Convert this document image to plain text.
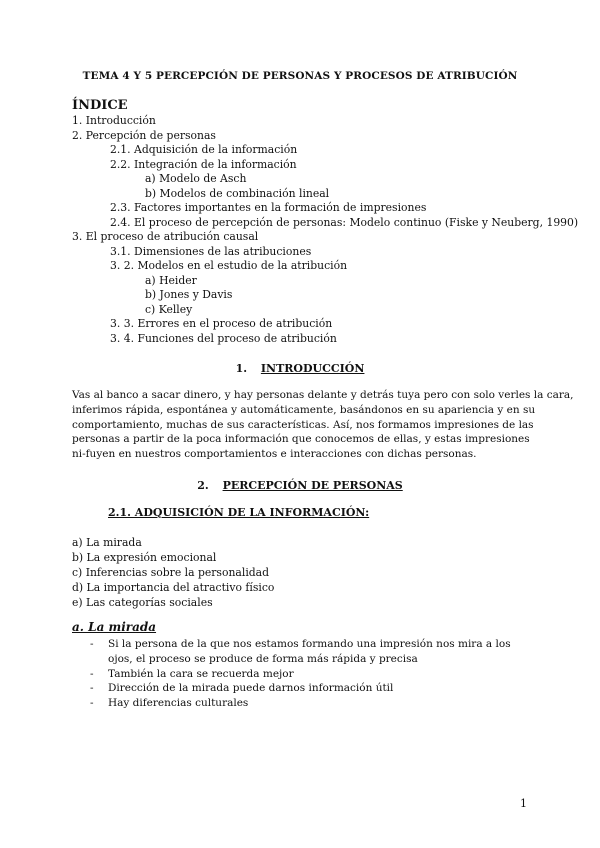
TEMA 4 Y 5 PERCEPCIÓN DE PERSONAS Y PROCESOS DE ATRIBUCIÓN
ÍNDICE
1. Introducción
2. Percepción de personas
2.1. Adquisición de la información
2.2. Integración de la información
a) Modelo de Asch
b) Modelos de combinación lineal
2.3. Factores importantes en la formación de impresiones
2.4. El proceso de percepción de personas: Modelo continuo (Fiske y Neuberg, 1990)
3. El proceso de atribución causal
3.1. Dimensiones de las atribuciones
3. 2. Modelos en el estudio de la atribución
a) Heider
b) Jones y Davis
c) Kelley
3. 3. Errores en el proceso de atribución
3. 4. Funciones del proceso de atribución
1. INTRODUCCIÓN
Vas al banco a sacar dinero, y hay personas delante y detrás tuya pero con solo verles la cara,
inferimos rápida, espontánea y automáticamente, basándonos en su apariencia y en su
comportamiento, muchas de sus características. Así, nos formamos impresiones de las
personas a partir de la poca información que conocemos de ellas, y estas impresiones
ni-fuyen en nuestros comportamientos e interacciones con dichas personas.
2. PERCEPCIÓN DE PERSONAS
2.1. ADQUISICIÓN DE LA INFORMACIÓN:
a) La mirada
b) La expresión emocional
c) Inferencias sobre la personalidad
d) La importancia del atractivo físico
e) Las categorías sociales
a. La mirada
- Si la persona de la que nos estamos formando una impresión nos mira a los ojos, el proceso se produce de forma más rápida y precisa
- También la cara se recuerda mejor
- Dirección de la mirada puede darnos información útil
- Hay diferencias culturales
1
